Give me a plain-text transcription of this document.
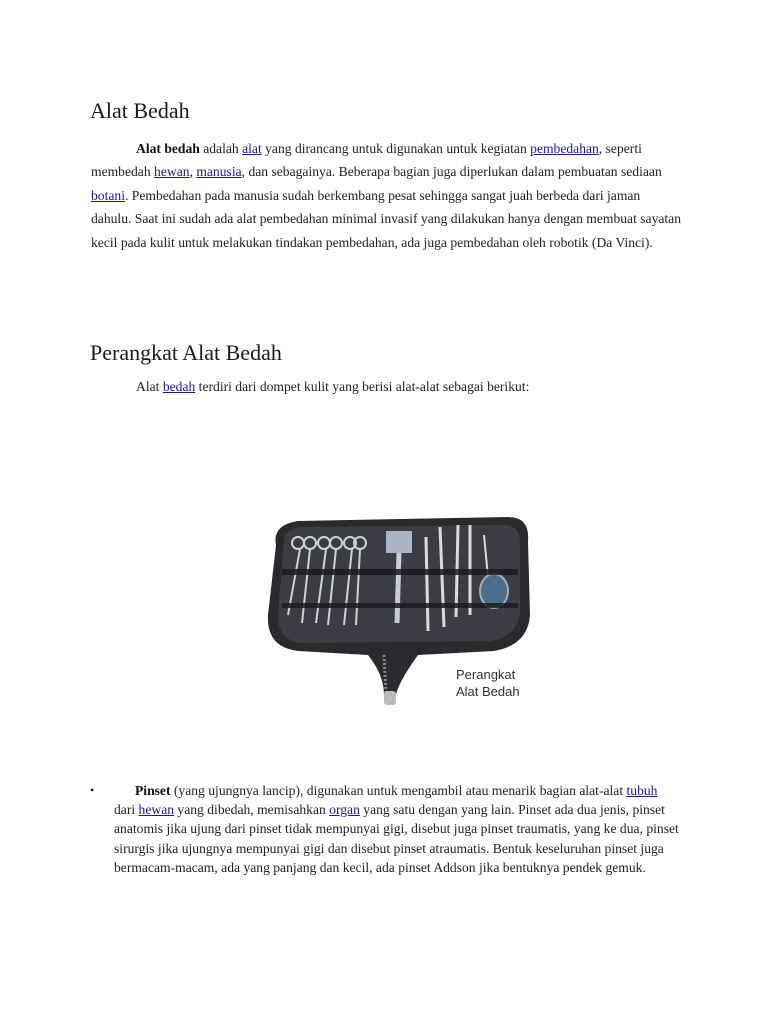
Alat Bedah
Alat bedah adalah alat yang dirancang untuk digunakan untuk kegiatan pembedahan, seperti membedah hewan, manusia, dan sebagainya. Beberapa bagian juga diperlukan dalam pembuatan sediaan botani. Pembedahan pada manusia sudah berkembang pesat sehingga sangat juah berbeda dari jaman dahulu. Saat ini sudah ada alat pembedahan minimal invasif yang dilakukan hanya dengan membuat sayatan kecil pada kulit untuk melakukan tindakan pembedahan, ada juga pembedahan oleh robotik (Da Vinci).
Perangkat Alat Bedah
Alat bedah terdiri dari dompet kulit yang berisi alat-alat sebagai berikut:
Perangkat
Alat Bedah
•	Pinset (yang ujungnya lancip), digunakan untuk mengambil atau menarik bagian alat-alat tubuh dari hewan yang dibedah, memisahkan organ yang satu dengan yang lain. Pinset ada dua jenis, pinset anatomis jika ujung dari pinset tidak mempunyai gigi, disebut juga pinset traumatis, yang ke dua, pinset sirurgis jika ujungnya mempunyai gigi dan disebut pinset atraumatis. Bentuk keseluruhan pinset juga bermacam-macam, ada yang panjang dan kecil, ada pinset Addson jika bentuknya pendek gemuk.
